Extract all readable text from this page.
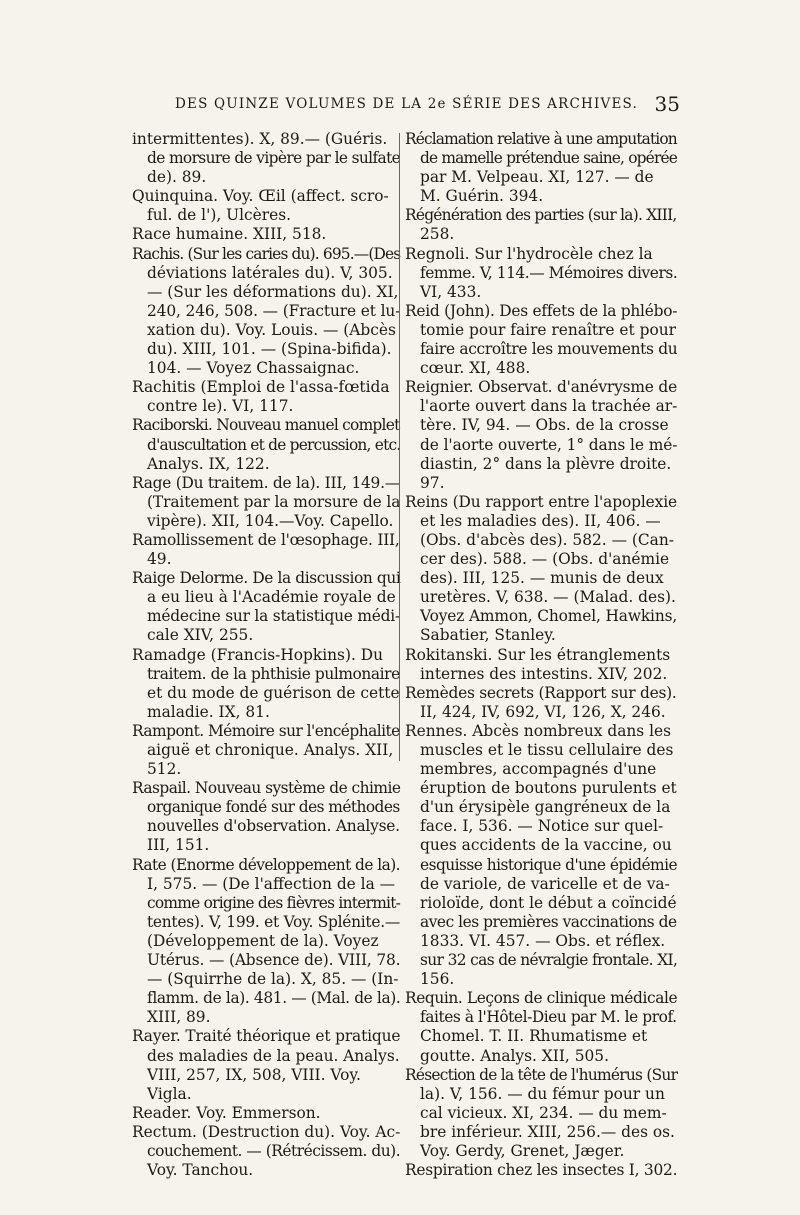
DES QUINZE VOLUMES DE LA 2e SÉRIE DES ARCHIVES. 35
intermittentes). X, 89.— (Guéris.
de morsure de vipère par le sulfate
de). 89.
Quinquina. Voy. Œil (affect. scro-
ful. de l'), Ulcères.
Race humaine. XIII, 518.
Rachis. (Sur les caries du). 695.—(Des
déviations latérales du). V, 305.
— (Sur les déformations du). XI,
240, 246, 508. — (Fracture et lu-
xation du). Voy. Louis. — (Abcès
du). XIII, 101. — (Spina-bifida).
104. — Voyez Chassaignac.
Rachitis (Emploi de l'assa-fœtida
contre le). VI, 117.
Raciborski. Nouveau manuel complet
d'auscultation et de percussion, etc.
Analys. IX, 122.
Rage (Du traitem. de la). III, 149.—
(Traitement par la morsure de la
vipère). XII, 104.—Voy. Capello.
Ramollissement de l'œsophage. III,
49.
Raige Delorme. De la discussion qui
a eu lieu à l'Académie royale de
médecine sur la statistique médi-
cale XIV, 255.
Ramadge (Francis-Hopkins). Du
traitem. de la phthisie pulmonaire
et du mode de guérison de cette
maladie. IX, 81.
Rampont. Mémoire sur l'encéphalite
aiguë et chronique. Analys. XII,
512.
Raspail. Nouveau système de chimie
organique fondé sur des méthodes
nouvelles d'observation. Analyse.
III, 151.
Rate (Enorme développement de la).
I, 575. — (De l'affection de la —
comme origine des fièvres intermit-
tentes). V, 199. et Voy. Splénite.—
(Développement de la). Voyez
Utérus. — (Absence de). VIII, 78.
— (Squirrhe de la). X, 85. — (In-
flamm. de la). 481. — (Mal. de la).
XIII, 89.
Rayer. Traité théorique et pratique
des maladies de la peau. Analys.
VIII, 257, IX, 508, VIII. Voy.
Vigla.
Reader. Voy. Emmerson.
Rectum. (Destruction du). Voy. Ac-
couchement. — (Rétrécissem. du).
Voy. Tanchou.
Réclamation relative à une amputation
de mamelle prétendue saine, opérée
par M. Velpeau. XI, 127. — de
M. Guérin. 394.
Régénération des parties (sur la). XIII,
258.
Regnoli. Sur l'hydrocèle chez la
femme. V, 114.— Mémoires divers.
VI, 433.
Reid (John). Des effets de la phlébo-
tomie pour faire renaître et pour
faire accroître les mouvements du
cœur. XI, 488.
Reignier. Observat. d'anévrysme de
l'aorte ouvert dans la trachée ar-
tère. IV, 94. — Obs. de la crosse
de l'aorte ouverte, 1° dans le mé-
diastin, 2° dans la plèvre droite.
97.
Reins (Du rapport entre l'apoplexie
et les maladies des). II, 406. —
(Obs. d'abcès des). 582. — (Can-
cer des). 588. — (Obs. d'anémie
des). III, 125. — munis de deux
uretères. V, 638. — (Malad. des).
Voyez Ammon, Chomel, Hawkins,
Sabatier, Stanley.
Rokitanski. Sur les étranglements
internes des intestins. XIV, 202.
Remèdes secrets (Rapport sur des).
II, 424, IV, 692, VI, 126, X, 246.
Rennes. Abcès nombreux dans les
muscles et le tissu cellulaire des
membres, accompagnés d'une
éruption de boutons purulents et
d'un érysipèle gangréneux de la
face. I, 536. — Notice sur quel-
ques accidents de la vaccine, ou
esquisse historique d'une épidémie
de variole, de varicelle et de va-
rioloïde, dont le début a coïncidé
avec les premières vaccinations de
1833. VI. 457. — Obs. et réflex.
sur 32 cas de névralgie frontale. XI,
156.
Requin. Leçons de clinique médicale
faites à l'Hôtel-Dieu par M. le prof.
Chomel. T. II. Rhumatisme et
goutte. Analys. XII, 505.
Résection de la tête de l'humérus (Sur
la). V, 156. — du fémur pour un
cal vicieux. XI, 234. — du mem-
bre inférieur. XIII, 256.— des os.
Voy. Gerdy, Grenet, Jæger.
Respiration chez les insectes I, 302.
